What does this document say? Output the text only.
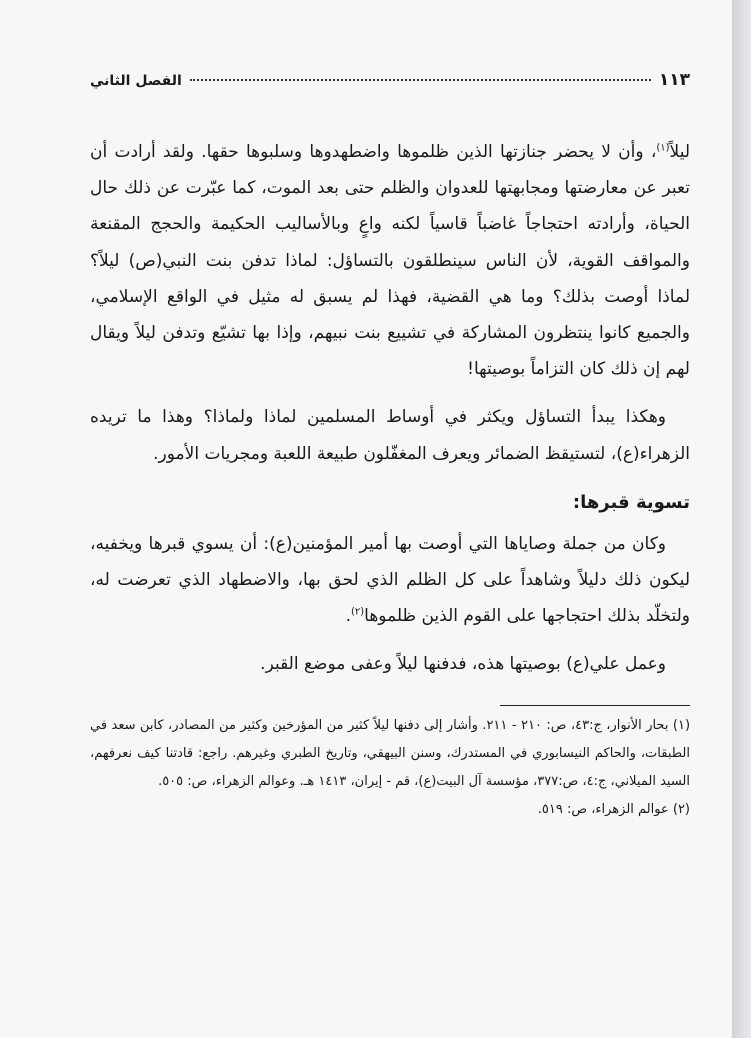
١١٣
الفصل الثاني

ليلاً$^{(١)}$، وأن لا يحضر جنازتها الذين ظلموها واضطهدوها وسلبوها حقها. ولقد أرادت أن تعبر عن معارضتها ومجابهتها للعدوان والظلم حتى بعد الموت، كما عبّرت عن ذلك حال الحياة، وأرادته احتجاجاً غاضباً قاسياً لكنه واعٍ وبالأساليب الحكيمة والحجج المقنعة والمواقف القوية، لأن الناس سينطلقون بالتساؤل: لماذا تدفن بنت النبي(ص) ليلاً؟ لماذا أوصت بذلك؟ وما هي القضية، فهذا لم يسبق له مثيل في الواقع الإسلامي، والجميع كانوا ينتظرون المشاركة في تشييع بنت نبيهم، وإذا بها تشيّع وتدفن ليلاً ويقال لهم إن ذلك كان التزاماً بوصيتها!

وهكذا يبدأ التساؤل ويكثر في أوساط المسلمين لماذا ولماذا؟ وهذا ما تريده الزهراء(ع)، لتستيقظ الضمائر ويعرف المغفّلون طبيعة اللعبة ومجريات الأمور.

تسوية قبرها:

وكان من جملة وصاياها التي أوصت بها أمير المؤمنين(ع): أن يسوي قبرها ويخفيه، ليكون ذلك دليلاً وشاهداً على كل الظلم الذي لحق بها، والاضطهاد الذي تعرضت له، ولتخلّد بذلك احتجاجها على القوم الذين ظلموها$^{(٢)}$.

وعمل علي(ع) بوصيتها هذه، فدفنها ليلاً وعفى موضع القبر.

(١) بحار الأنوار، ج:٤٣، ص: ٢١٠ - ٢١١. وأشار إلى دفنها ليلاً كثير من المؤرخين وكثير من المصادر، كابن سعد في الطبقات، والحاكم النيسابوري في المستدرك، وسنن البيهقي، وتاريخ الطبري وغيرهم. راجع: قادتنا كيف نعرفهم، السيد الميلاني، ج:٤، ص:٣٧٧، مؤسسة آل البيت(ع)، قم - إيران، ١٤١٣ هـ. وعوالم الزهراء، ص: ٥٠٥.

(٢) عوالم الزهراء، ص: ٥١٩.
